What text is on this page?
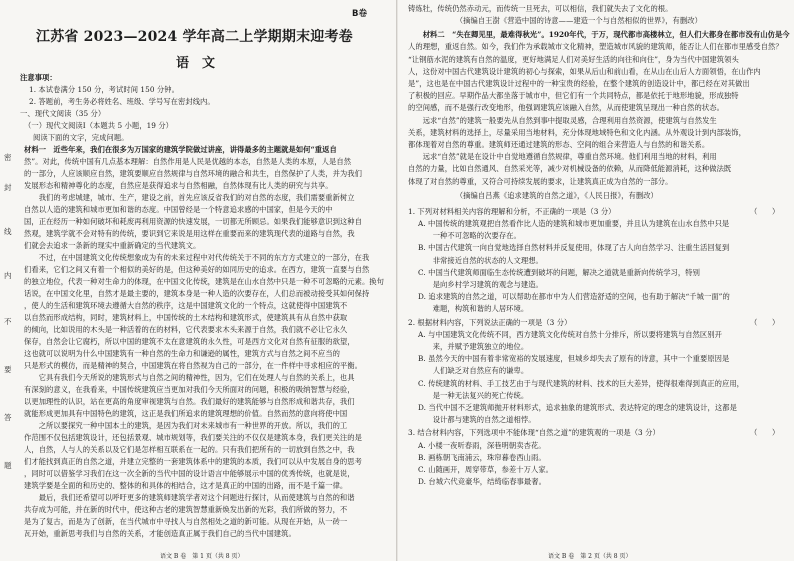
B卷
江苏省 2023—2024 学年高二上学期期末迎考卷
语　文
注意事项：
1. 本试卷满分 150 分，考试时间 150 分钟。
2. 答题前，考生务必将姓名、班级、学号写在密封线内。
一、现代文阅读（35 分）
（一）现代文阅读Ⅰ（本题共 5 小题，19 分）
阅读下面的文字，完成问题。
密
封
线
内
不
要
答
题
材料一　近些年来，我们在很多为万国家的建筑学院做过讲座，讲得最多的主题就是如何“重返自
然”。对此，传统中国有几点基本理解：自然作用是人民是优越的本态，自然是人类的本原，人是自然
的一部分，人应该顺应自然，建筑要顺应自然规律与自然环境的融合和共生，自然保护了人类，并为我们
发展形态和精神尊化的态度，自然应是获得追求与自然相融，自然体现有比人类的研究与共享。
　　我们的考虑城建，城市、生产，建设之前，首先应该反省我们的对自然的态度，我们需要重新树立
自然以人造的建筑和城市更加和谐的态度。中国曾经是一个特意追求感的中国家，但是今天的中
国，正在经历一种如何破坏和耗废再利用资源的快速发展，一切都无所顾忌。如果我们能够意识到这种自
然观，建筑学就不会对特有的传统，要识到它来说是用这样在重要而来的建筑现代表的道路与自然，我
们就会去追求一条新的现实中重新确定的当代建筑文。
　　不过，在中国建筑文化传统想象成为有的未来过程中对代传统关于不同的东方方式建立的一部分，在我
们看来，它们之间又有着一个相似的美好的是，但这种美好的如同历史的追求。在西方，建筑一直要与自然
的独立地位，代表一种对生命力的体现，在中国文化传统，建筑是在山水自然中只是一种不可忽略的元素。换句
话说，在中国文化里，自然才是最主要的，建筑本身是一种人造的次要存在，人们总而被动接受其如何保持
，使人的生活和建筑环境去遵循大自然的秩序，这是中国建筑文化的一个特点，这就使得中国建筑不
以自然而形成结构，同时，建筑材料上，中国传统的土木结构和建筑形式，使建筑具有从自然中获取
的倾向，比如说用的木头是一种活着的在的材料，它代表要求木头来源于自然，我们就不必让它永久
保存，自然会让它腐朽，所以中国的建筑不太在意建筑的永久性，可是西方文化对自然有征服的欲望，
这也就可以说明为什么中国建筑有一种自然的生命力和谦逊的属性，建筑方式与自然之间不应当的
只是形式的模仿，而是精神的契合，中国建筑在将自然视为自己的一部分，在一件样中寻求相应的平衡。
　　它具有我们今天所说的建筑形式与自然之间的精神性，因为，它们在处理人与自然的关系上，也具
有深刻的意义，在我看来，中国传统建筑应当更加对我们今天所面对的问题，积极的吸纳智慧与经验，
以更加理性的认识，站在更高的角度审视建筑与自然。我们最好的建筑能够与自然形成和谐共存，我们
就能形成更加具有中国特色的建筑，这正是我们所追求的建筑理想的价值。自然而然的意向将使中国
　　之所以要探究一种中国本土的建筑，是因为我们对未来城市有一种世界的开放。所以，我们的工
作范围不仅包括建筑设计，还包括景观、城市规划等，我们要关注的不仅仅是建筑本身，我们更关注的是
人，自然，人与人的关系以及它们是怎样相互联系在一起的。只有我们把所有的一切放到自然之中，我
们才能找到真正的自然之道，并建立完整的一套建筑体系中的建筑的本质，我们可以从中发展自身的思考
，同时可以借鉴学习我们在这一次全新的当代中国的设计语言中能够展示中国的优秀传统，也就是说，
建筑学要是全面的和历史的、整体的和具体的相结合，这才是真正的中国的出路，而不是千篇一律。
　　最后，我们还希望可以呼吁更多的建筑师建筑学者对这个问题进行探讨，从而使建筑与自然的和谐
共存成为可能，并在新的时代中，使这种古老的建筑智慧重新焕发出新的光彩，我们所做的努力，不
是为了复古，而是为了创新，在当代城市中寻找人与自然相处之道的新可能。从现在开始，从一砖一
瓦开始，重新思考我们与自然的关系，才能创造真正属于我们自己的当代中国建筑。
语文 B 卷　第 1 页（共 8 页）
铸炼牡，传统仍然赤动元，而传统一旦死去，可以相信，我们就失去了文化的根。
　　　　　　　（摘编自王澍《营造中国的诗意——建造一个与自然相似的世界》，有删改）
　　材料二　“失在卿见里，最难得秋光”。1920年代，于万，现代都市高楼林立，但人们大都身在都市没有山仿是今
人的理想，重返自然。如今，我们作为承载城市文化精神，塑造城市风貌的建筑师，能否让人们在都市里感受自然？
“让钢筋水泥的建筑有自然的温度，更好地满足人们对美好生活的向往和向住”，身为当代中国建筑领头
人，这份对中国古代建筑设计建筑的初心与探索，如果从后山和前山看，在从山在山后人方面领悟，在山作内
是”，这也是在中国古代建筑设计过程中的一种宝贵的经验，在整个建筑的创造设计中，都已经在对其做出
了积极的回应。早期作品大都坐落于城市中，但它们有一个共同特点，都是依托于地形地貌，形成独特
的空间感，而不是强行改变地形，他强调建筑应该融入自然，从而使建筑呈现出一种自然的状态。
　　远求“自然”的建筑一般要先从自然到事中提取灵感，合理利用自然资源，使建筑与自然发生
关系，建筑材料的选择上，尽量采用当地材料，充分体现地域特色和文化内涵。从外观设计到内部装饰，
都体现着对自然的尊重。建筑师还通过建筑的形态、空间的组合来营造人与自然的和谐关系。
　　远求“自然”就是在设计中自觉地遵循自然规律，尊重自然环境。他们利用当地的材料，利用
自然的力量，比如自然通风、自然采光等，减少对机械设备的依赖，从而降低能源消耗，这种做法既
体现了对自然的尊重，又符合可持续发展的要求，让建筑真正成为自然的一部分。
　　　　　　　（摘编自吕燕《追求建筑的自然之道》，《人民日报》，有删改）
1. 下列对材料相关内容的理解和分析，不正确的一项是（3 分）	（　　）
A. 中国传统的建筑观把自然看作比人造的建筑和城市更加重要，并且认为建筑在山水自然中只是
　　一种不可忽略的次要存在。
B. 中国古代建筑一向自觉地选择自然材料并反复使用，体现了古人向自然学习、注重生活回复到
　　非常接近自然的状态的人文理想。
C. 中国当代建筑师面临生态传统遭到破坏的问题，解决之道就是重新向传统学习，特别
　　是向乡村学习建筑的观念与建造。
D. 追求建筑的自然之道，可以帮助在都市中为人们营造舒适的空间，也有助于解决“千城一面”的
　　难题，构筑和谐的人居环境。
2. 根据材料内容，下列说法正确的一项是（3 分）	（　　）
A. 与中国建筑文化传统不同，西方建筑文化传统对自然十分排斥，所以要将建筑与自然区别开
　　来，并赋予建筑独立的地位。
B. 虽然今天的中国有着非常宽裕的发展速度，但城乡却失去了原有的诗意，其中一个重要原因是
　　人们缺乏对自然应有的谦卑。
C. 传统建筑的材料、手工技艺由于与现代建筑的材料、技术的巨大差异，使得很难得到真正的应用，
　　是一种无法复兴的死亡传统。
D. 当代中国不乏建筑师抛开材料形式，追求抽象的建筑形式、表达特定的理念的建筑设计，这都是
　　设计都与建筑的自然之道相悖。
3. 结合材料内容，下列选项中不能体现“自然之道”的建筑观的一项是（3 分）	（　　）
A. 小楼一夜听春雨，深巷明朝卖杏花。
B. 画栋朝飞南浦云，珠帘暮卷西山雨。
C. 山随画开，周穿带草，参差十万人家。
D. 台城六代竞豪华，结绮临春事最奢。
语文 B 卷　第 2 页（共 8 页）
